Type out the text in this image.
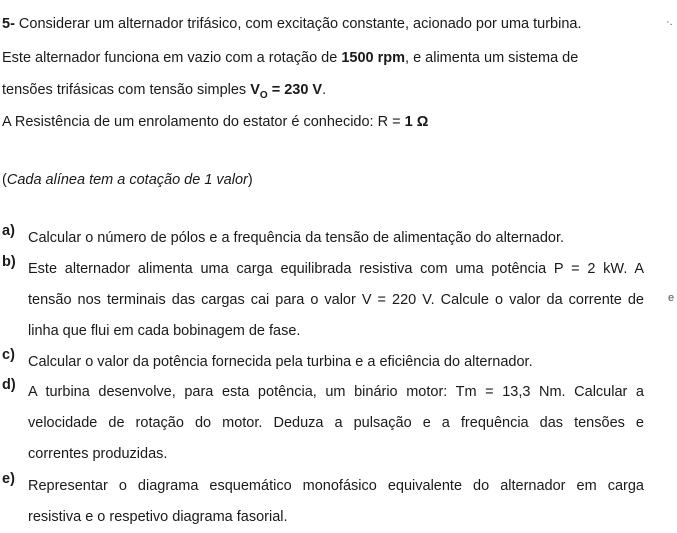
5- Considerar um alternador trifásico, com excitação constante, acionado por uma turbina.	·.
Este alternador funciona em vazio com a rotação de 1500 rpm, e alimenta um sistema de
tensões trifásicas com tensão simples $V_O = 230$ V.
A Resistência de um enrolamento do estator é conhecido: R = 1 Ω
(Cada alínea tem a cotação de 1 valor)
a) Calcular o número de pólos e a frequência da tensão de alimentação do alternador.
b) Este alternador alimenta uma carga equilibrada resistiva com uma potência P = 2 kW. A
tensão nos terminais das cargas cai para o valor V = 220 V. Calcule o valor da corrente de
linha que flui em cada bobinagem de fase.
e
c) Calcular o valor da potência fornecida pela turbina e a eficiência do alternador.
d) A turbina desenvolve, para esta potência, um binário motor: Tm = 13,3 Nm. Calcular a
velocidade de rotação do motor. Deduza a pulsação e a frequência das tensões e
correntes produzidas.
e) Representar o diagrama esquemático monofásico equivalente do alternador em carga
resistiva e o respetivo diagrama fasorial.
